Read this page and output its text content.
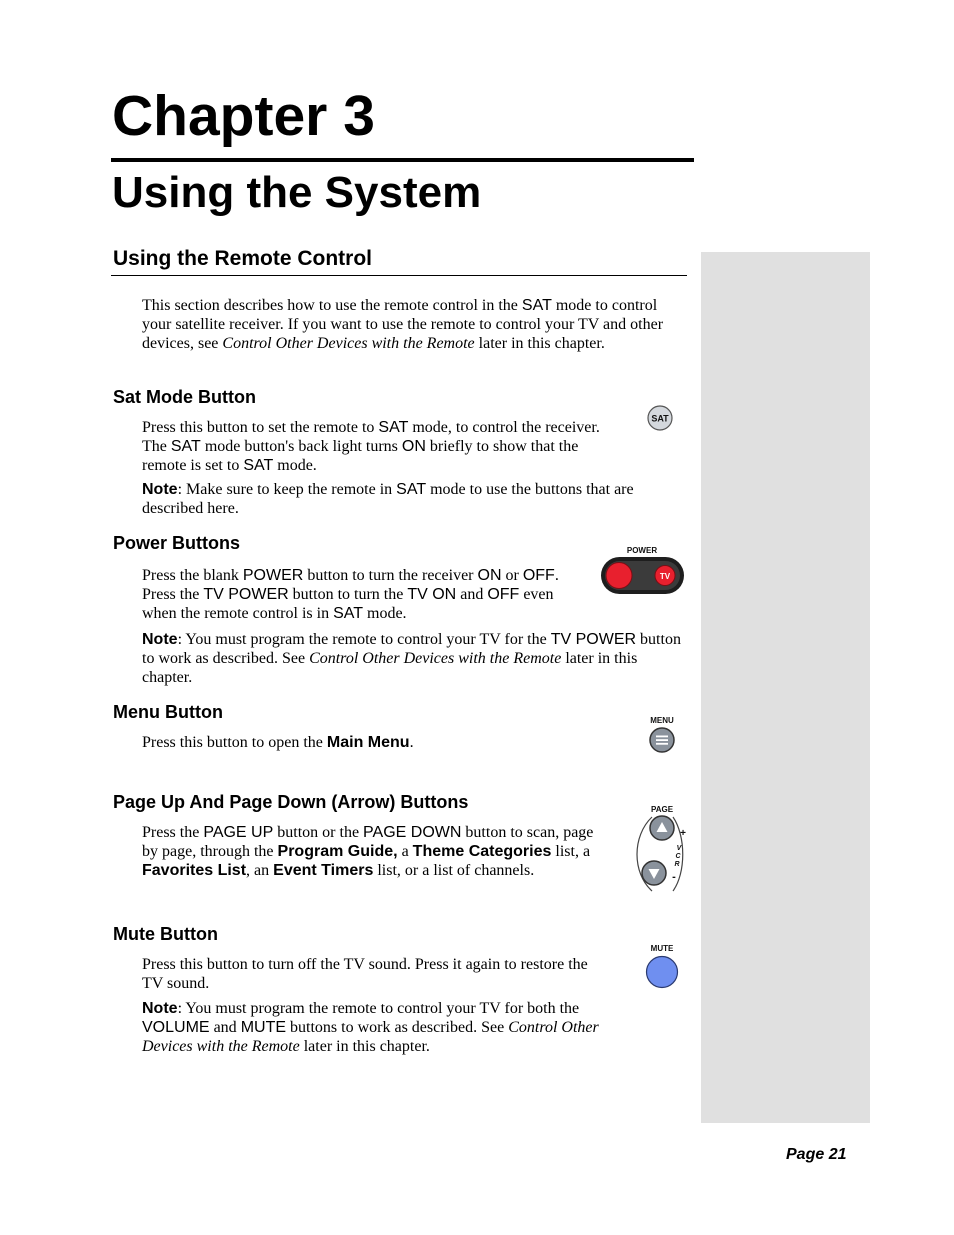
Chapter 3
Using the System
Using the Remote Control
This section describes how to use the remote control in the SAT mode to control your satellite receiver. If you want to use the remote to control your TV and other devices, see Control Other Devices with the Remote later in this chapter.
Sat Mode Button
Press this button to set the remote to SAT mode, to control the receiver. The SAT mode button's back light turns ON briefly to show that the remote is set to SAT mode.
Note: Make sure to keep the remote in SAT mode to use the buttons that are described here.
SAT
Power Buttons
Press the blank POWER button to turn the receiver ON or OFF. Press the TV POWER button to turn the TV ON and OFF even when the remote control is in SAT mode.
Note: You must program the remote to control your TV for the TV POWER button to work as described. See Control Other Devices with the Remote later in this chapter.
POWER
TV
Menu Button
Press this button to open the Main Menu.
MENU
Page Up And Page Down (Arrow) Buttons
Press the PAGE UP button or the PAGE DOWN button to scan, page by page, through the Program Guide, a Theme Categories list, a Favorites List, an Event Timers list, or a list of channels.
PAGE
+
V
C
R
-
Mute Button
Press this button to turn off the TV sound. Press it again to restore the TV sound.
Note: You must program the remote to control your TV for both the VOLUME and MUTE buttons to work as described. See Control Other Devices with the Remote later in this chapter.
MUTE
Page 21
